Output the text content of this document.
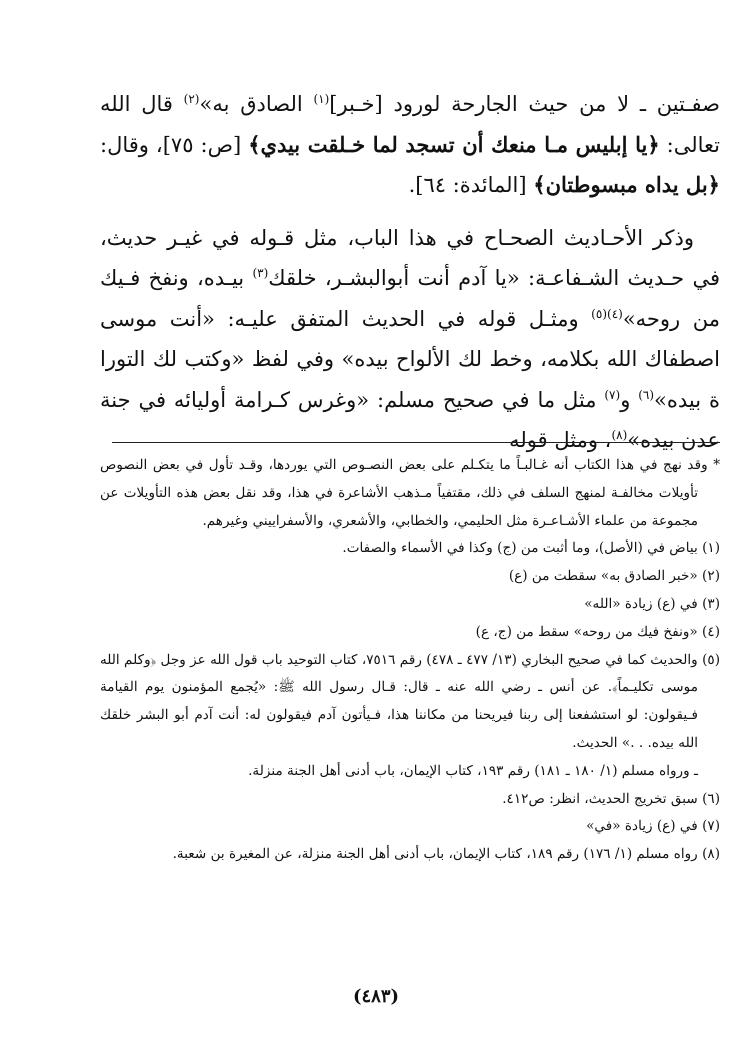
صفـتين ـ لا من حيث الجارحة لورود [خـبر]$^{(١)}$ الصادق به»$^{(٢)}$ قال الله تعالى: ﴿يا إبليس مـا منعك أن تسجد لما خـلقت بيدي﴾ [ص: ٧٥]، وقال: ﴿بل يداه مبسوطتان﴾ [المائدة: ٦٤].

وذكر الأحـاديث الصحـاح في هذا الباب، مثل قـوله في غيـر حديث، في حـديث الشـفاعـة: «يا آدم أنت أبوالبشـر، خلقك$^{(٣)}$ بيـده، ونفخ فـيك من روحه»$^{(٤)(٥)}$ ومثـل قوله في الحديث المتفق عليـه: «أنت موسى اصطفاك الله بكلامه، وخط لك الألواح بيده» وفي لفظ «وكتب لك التورا ة بيده»$^{(٦)}$ و$^{(٧)}$ مثل ما في صحيح مسلم: «وغرس كـرامة أوليائه في جنة عدن بيده»$^{(٨)}$، ومثل قوله

* وقد نهج في هذا الكتاب أنه غـالبـاً ما يتكـلم على بعض النصـوص التي يوردها، وقـد تأول في بعض النصوص تأويلات مخالفـة لمنهج السلف في ذلك، مقتفياً مـذهب الأشاعرة في هذا، وقد نقل بعض هذه التأويلات عن مجموعة من علماء الأشـاعـرة مثل الحليمي، والخطابي، والأشعري، والأسفراييني وغيرهم.

(١) بياض في (الأصل)، وما أثبت من (ج) وكذا في الأسماء والصفات.

(٢) «خبر الصادق به» سقطت من (ع)

(٣) في (ع) زيادة «الله»

(٤) «ونفخ فيك من روحه» سقط من (ج، ع)

(٥) والحديث كما في صحيح البخاري (١٣/ ٤٧٧ ـ ٤٧٨) رقم ٧٥١٦، كتاب التوحيد باب قول الله عز وجل ﴿وكلم الله موسى تكليـماً﴾. عن أنس ـ رضي الله عنه ـ قال: قـال رسول الله ﷺ: «يُجمع المؤمنون يوم القيامة فـيقولون: لو استشفعنا إلى ربنا فيريحنا من مكاننا هذا، فـيأتون آدم فيقولون له: أنت آدم أبو البشر خلقك الله بيده. . .» الحديث.

ـ ورواه مسلم (١/ ١٨٠ ـ ١٨١) رقم ١٩٣، كتاب الإيمان، باب أدنى أهل الجنة منزلة.

(٦) سبق تخريج الحديث، انظر: ص٤١٢.

(٧) في (ع) زيادة «في»

(٨) رواه مسلم (١/ ١٧٦) رقم ١٨٩، كتاب الإيمان، باب أدنى أهل الجنة منزلة، عن المغيرة بن شعبة.

(٤٨٣)
